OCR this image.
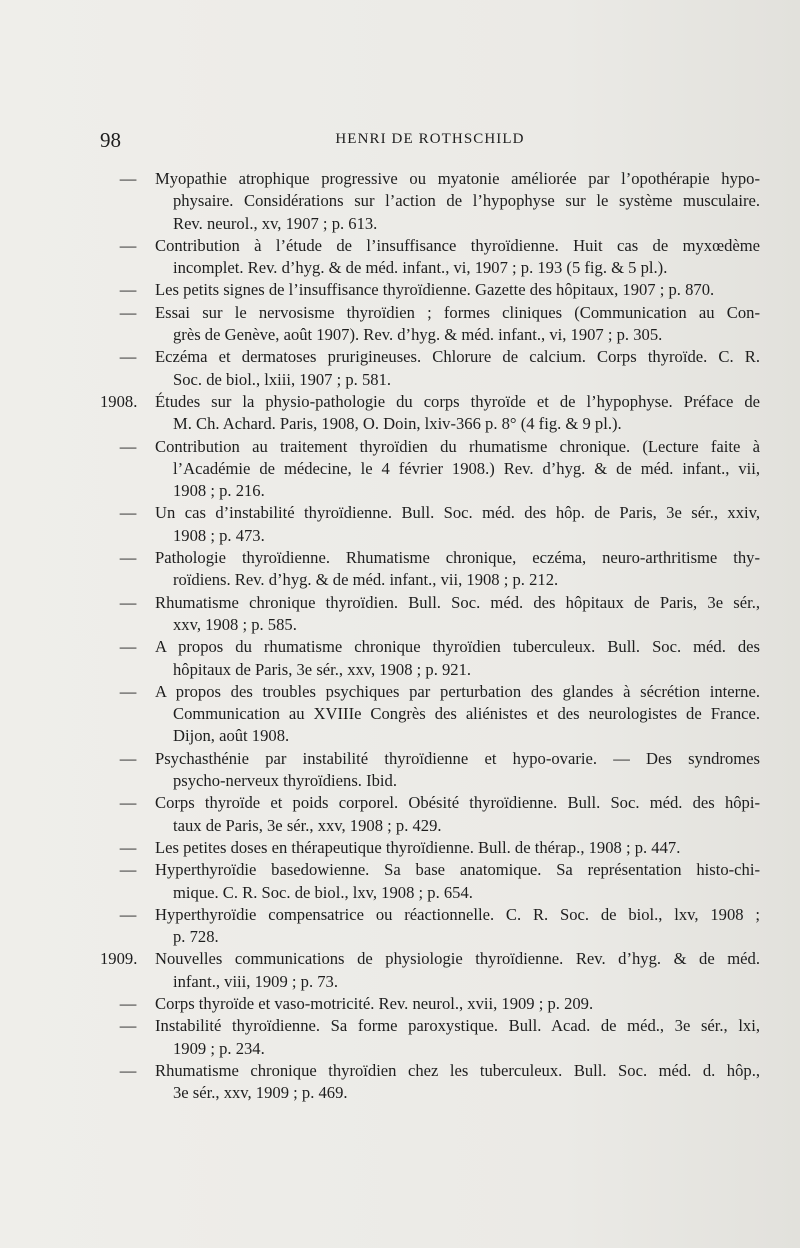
98	HENRI DE ROTHSCHILD
—	Myopathie atrophique progressive ou myatonie améliorée par l’opothérapie hypo-
physaire. Considérations sur l’action de l’hypophyse sur le système musculaire.
Rev. neurol., xv, 1907 ; p. 613.
—	Contribution à l’étude de l’insuffisance thyroïdienne. Huit cas de myxœdème
incomplet. Rev. d’hyg. & de méd. infant., vi, 1907 ; p. 193 (5 fig. & 5 pl.).
—	Les petits signes de l’insuffisance thyroïdienne. Gazette des hôpitaux, 1907 ; p. 870.
—	Essai sur le nervosisme thyroïdien ; formes cliniques (Communication au Con-
grès de Genève, août 1907). Rev. d’hyg. & méd. infant., vi, 1907 ; p. 305.
—	Eczéma et dermatoses prurigineuses. Chlorure de calcium. Corps thyroïde. C. R.
Soc. de biol., lxiii, 1907 ; p. 581.
1908.	Études sur la physio-pathologie du corps thyroïde et de l’hypophyse. Préface de
M. Ch. Achard. Paris, 1908, O. Doin, lxiv-366 p. 8° (4 fig. & 9 pl.).
—	Contribution au traitement thyroïdien du rhumatisme chronique. (Lecture faite à
l’Académie de médecine, le 4 février 1908.) Rev. d’hyg. & de méd. infant., vii,
1908 ; p. 216.
—	Un cas d’instabilité thyroïdienne. Bull. Soc. méd. des hôp. de Paris, 3e sér., xxiv,
1908 ; p. 473.
—	Pathologie thyroïdienne. Rhumatisme chronique, eczéma, neuro-arthritisme thy-
roïdiens. Rev. d’hyg. & de méd. infant., vii, 1908 ; p. 212.
—	Rhumatisme chronique thyroïdien. Bull. Soc. méd. des hôpitaux de Paris, 3e sér.,
xxv, 1908 ; p. 585.
—	A propos du rhumatisme chronique thyroïdien tuberculeux. Bull. Soc. méd. des
hôpitaux de Paris, 3e sér., xxv, 1908 ; p. 921.
—	A propos des troubles psychiques par perturbation des glandes à sécrétion interne.
Communication au XVIIIe Congrès des aliénistes et des neurologistes de France.
Dijon, août 1908.
—	Psychasthénie par instabilité thyroïdienne et hypo-ovarie. — Des syndromes
psycho-nerveux thyroïdiens. Ibid.
—	Corps thyroïde et poids corporel. Obésité thyroïdienne. Bull. Soc. méd. des hôpi-
taux de Paris, 3e sér., xxv, 1908 ; p. 429.
—	Les petites doses en thérapeutique thyroïdienne. Bull. de thérap., 1908 ; p. 447.
—	Hyperthyroïdie basedowienne. Sa base anatomique. Sa représentation histo-chi-
mique. C. R. Soc. de biol., lxv, 1908 ; p. 654.
—	Hyperthyroïdie compensatrice ou réactionnelle. C. R. Soc. de biol., lxv, 1908 ;
p. 728.
1909.	Nouvelles communications de physiologie thyroïdienne. Rev. d’hyg. & de méd.
infant., viii, 1909 ; p. 73.
—	Corps thyroïde et vaso-motricité. Rev. neurol., xvii, 1909 ; p. 209.
—	Instabilité thyroïdienne. Sa forme paroxystique. Bull. Acad. de méd., 3e sér., lxi,
1909 ; p. 234.
—	Rhumatisme chronique thyroïdien chez les tuberculeux. Bull. Soc. méd. d. hôp.,
3e sér., xxv, 1909 ; p. 469.
